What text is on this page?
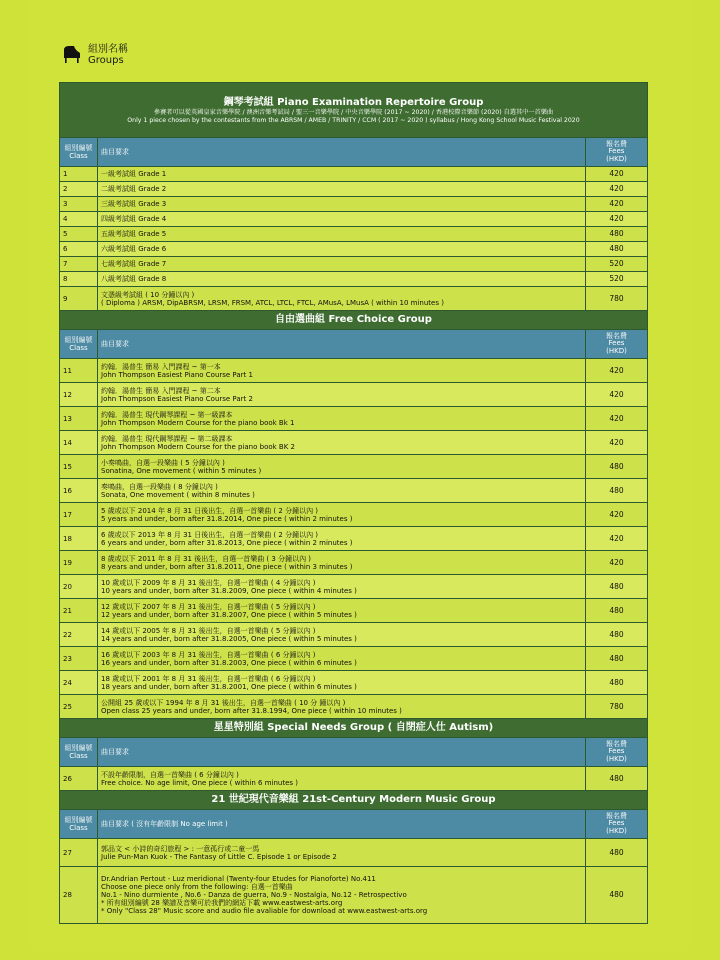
組別名稱
Groups
鋼琴考試組 Piano Examination Repertoire Group
參賽者可以從英國皇家音樂學院 / 澳洲音樂考試局 / 聖三一音樂學院 / 中央音樂學院 (2017 ~ 2020) / 香港校際音樂節 (2020) 自選其中一首樂曲
Only 1 piece chosen by the contestants from the ABRSM / AMEB / TRINITY / CCM ( 2017 ~ 2020 ) syllabus / Hong Kong School Music Festival 2020		

組別編號
Class	曲目要求	報名費
Fees
(HKD)

1	一級考試組 Grade 1	420
2	二級考試組 Grade 2	420
3	三級考試組 Grade 3	420
4	四級考試組 Grade 4	420
5	五級考試組 Grade 5	480
6	六級考試組 Grade 6	480
7	七級考試組 Grade 7	520
8	八級考試組 Grade 8	520
9	文憑級考試組 ( 10 分鐘以內 )
( Diploma ) ARSM, DipABRSM, LRSM, FRSM, ATCL, LTCL, FTCL, AMusA, LMusA ( within 10 minutes )	780
自由選曲組 Free Choice Group		

組別編號
Class	曲目要求	報名費
Fees
(HKD)

11	約翰．湯普生 簡易 入門課程 ~ 第一本
John Thompson Easiest Piano Course Part 1	420
12	約翰．湯普生 簡易 入門課程 ~ 第二本
John Thompson Easiest Piano Course Part 2	420
13	約翰．湯普生 現代鋼琴課程 ~ 第一級課本
John Thompson Modern Course for the piano book Bk 1	420
14	約翰．湯普生 現代鋼琴課程 ~ 第二級課本
John Thompson Modern Course for the piano book BK 2	420
15	小奏鳴曲，自選一段樂曲 ( 5 分鐘以內 )
Sonatina, One movement ( within 5 minutes )	480
16	奏鳴曲，自選一段樂曲 ( 8 分鐘以內 )
Sonata, One movement ( within 8 minutes )	480
17	5 歲或以下 2014 年 8 月 31 日後出生，自選一首樂曲 ( 2 分鐘以內 )
5 years and under, born after 31.8.2014, One piece ( within 2 minutes )	420
18	6 歲或以下 2013 年 8 月 31 日後出生，自選一首樂曲 ( 2 分鐘以內 )
6 years and under, born after 31.8.2013, One piece ( within 2 minutes )	420
19	8 歲或以下 2011 年 8 月 31 後出生，自選一首樂曲 ( 3 分鐘以內 )
8 years and under, born after 31.8.2011, One piece ( within 3 minutes )	420
20	10 歲或以下 2009 年 8 月 31 後出生，自選一首樂曲 ( 4 分鐘以內 )
10 years and under, born after 31.8.2009, One piece ( within 4 minutes )	480
21	12 歲或以下 2007 年 8 月 31 後出生，自選一首樂曲 ( 5 分鐘以內 )
12 years and under, born after 31.8.2007, One piece ( within 5 minutes )	480
22	14 歲或以下 2005 年 8 月 31 後出生，自選一首樂曲 ( 5 分鐘以內 )
14 years and under, born after 31.8.2005, One piece ( within 5 minutes )	480
23	16 歲或以下 2003 年 8 月 31 後出生，自選一首樂曲 ( 6 分鐘以內 )
16 years and under, born after 31.8.2003, One piece ( within 6 minutes )	480
24	18 歲或以下 2001 年 8 月 31 後出生，自選一首樂曲 ( 6 分鐘以內 )
18 years and under, born after 31.8.2001, One piece ( within 6 minutes )	480
25	公開組 25 歲或以下 1994 年 8 月 31 後出生，自選一首樂曲 ( 10 分 鐘以內 )
Open class 25 years and under, born after 31.8.1994, One piece ( within 10 minutes )	780
星星特別組 Special Needs Group ( 自閉症人仕 Autism)		

組別編號
Class	曲目要求	報名費
Fees
(HKD)

26	不設年齡限制，自選一首樂曲 ( 6 分鐘以內 )
Free choice. No age limit, One piece ( within 6 minutes )	480
21 世紀現代音樂組 21st-Century Modern Music Group		

組別編號
Class	曲目要求 ( 沒有年齡限制 No age limit )	報名費
Fees
(HKD)

27	郭品文 < 小詩的奇幻旅程 > : 一意孤行或二童一馬
Julie Pun-Man Kuok - The Fantasy of Little C. Episode 1 or Episode 2	480
28	Dr.Andrian Pertout - Luz meridional (Twenty-four Etudes for Pianoforte) No.411
Choose one piece only from the following: 自選一首樂曲
No.1 - Nino durmiente , No.6 - Danza de guerra, No.9 - Nostalgia, No.12 - Retrospectivo
* 所有組別編號 28 樂譜及音樂可於我們的網站下載 www.eastwest-arts.org
* Only "Class 28" Music score and audio file avaliable for download at www.eastwest-arts.org	480
